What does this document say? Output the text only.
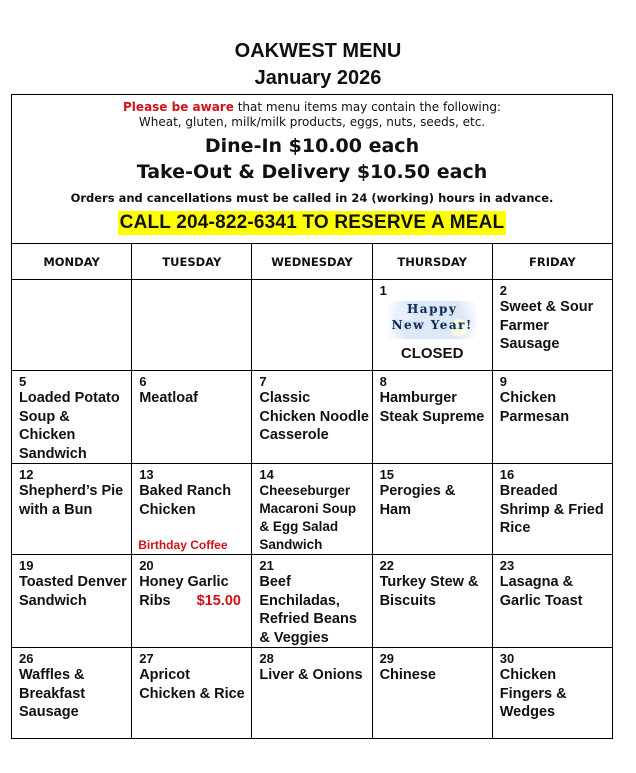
OAKWEST MENU
January 2026
Please be aware that menu items may contain the following:
Wheat, gluten, milk/milk products, eggs, nuts, seeds, etc.
Dine-In $10.00 each
Take-Out & Delivery $10.50 each
Orders and cancellations must be called in 24 (working) hours in advance.
CALL 204-822-6341 TO RESERVE A MEAL
MONDAY	TUESDAY	WEDNESDAY	THURSDAY	FRIDAY

			1
Happy
New Year!
CLOSED	2
Sweet & Sour Farmer Sausage

5
Loaded Potato Soup & Chicken Sandwich	6
Meatloaf	7
Classic Chicken Noodle Casserole	8
Hamburger Steak Supreme	9
Chicken Parmesan

12
Shepherd’s Pie with a Bun	13
Baked Ranch Chicken
Birthday Coffee	14
Cheeseburger Macaroni Soup & Egg Salad Sandwich	15
Perogies & Ham	16
Breaded Shrimp & Fried Rice

19
Toasted Denver Sandwich	20
Honey Garlic
Ribs $15.00	21
Beef Enchiladas, Refried Beans & Veggies	22
Turkey Stew & Biscuits	23
Lasagna & Garlic Toast

26
Waffles & Breakfast Sausage	27
Apricot Chicken & Rice	28
Liver & Onions	29
Chinese	30
Chicken Fingers & Wedges
